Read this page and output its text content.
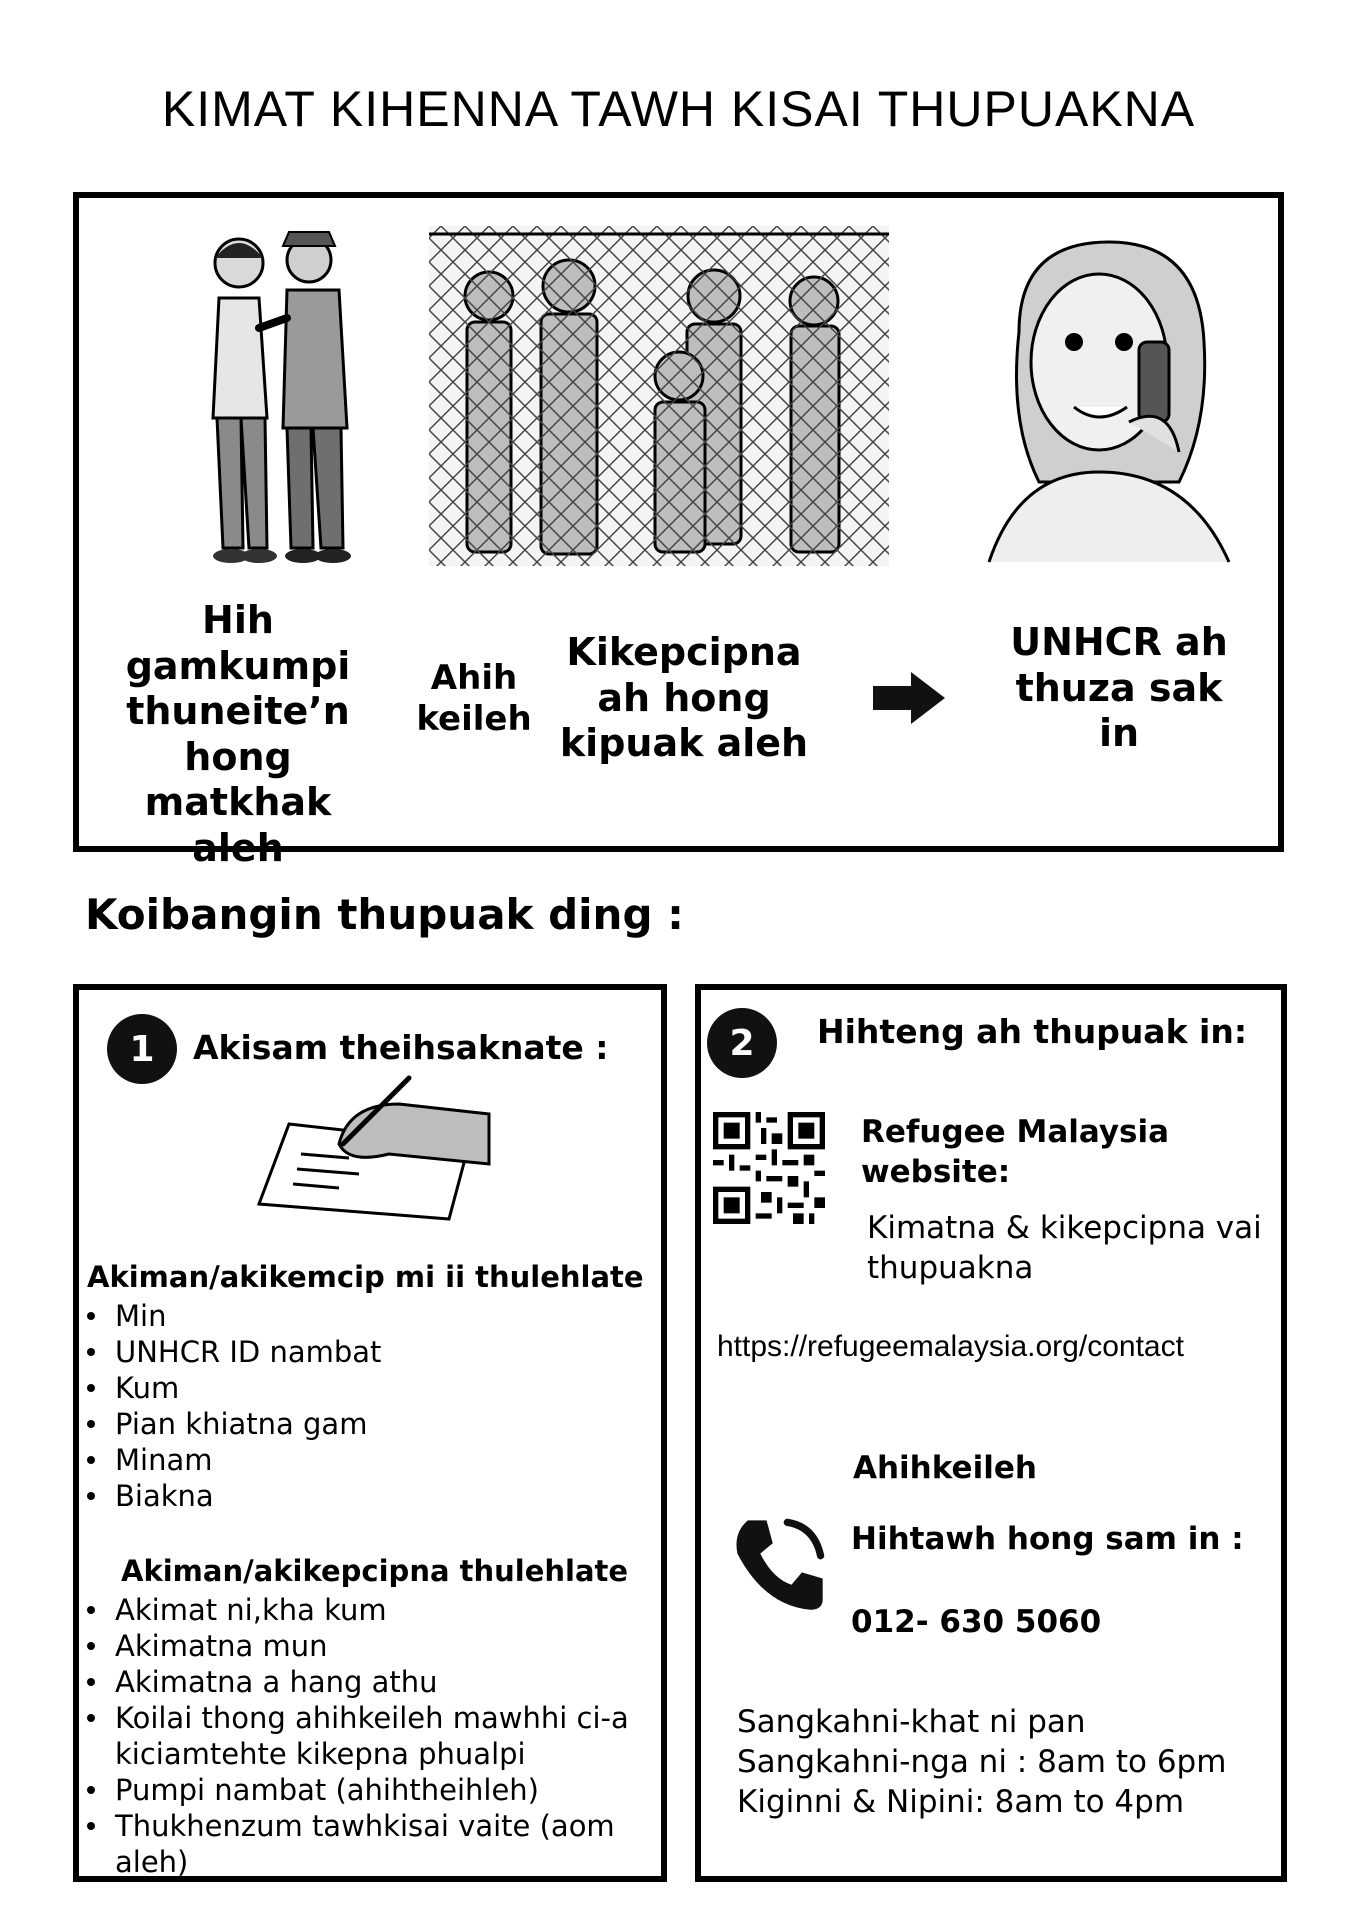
KIMAT KIHENNA TAWH KISAI THUPUAKNA
Hih gamkumpi thuneite’n hong matkhak aleh
Ahih keileh
Kikepcipna ah hong kipuak aleh
UNHCR ah thuza sak in
Koibangin thupuak ding :
1	Akisam theihsaknate :
Akiman/akikemcip mi ii thulehlate
Min
UNHCR ID nambat
Kum
Pian khiatna gam
Minam
Biakna
Akiman/akikepcipna thulehlate
Akimat ni,kha kum
Akimatna mun
Akimatna a hang athu
Koilai thong ahihkeileh mawhhi ci-a kiciamtehte kikepna phualpi
Pumpi nambat (ahihtheihleh)
Thukhenzum tawhkisai vaite (aom aleh)
2	Hihteng ah thupuak in:
Refugee Malaysia website:
Kimatna & kikepcipna vai thupuakna
https://refugeemalaysia.org/contact
Ahihkeileh
Hihtawh hong sam in :
012- 630 5060
Sangkahni-khat ni pan Sangkahni-nga ni : 8am to 6pm
Kiginni & Nipini: 8am to 4pm
